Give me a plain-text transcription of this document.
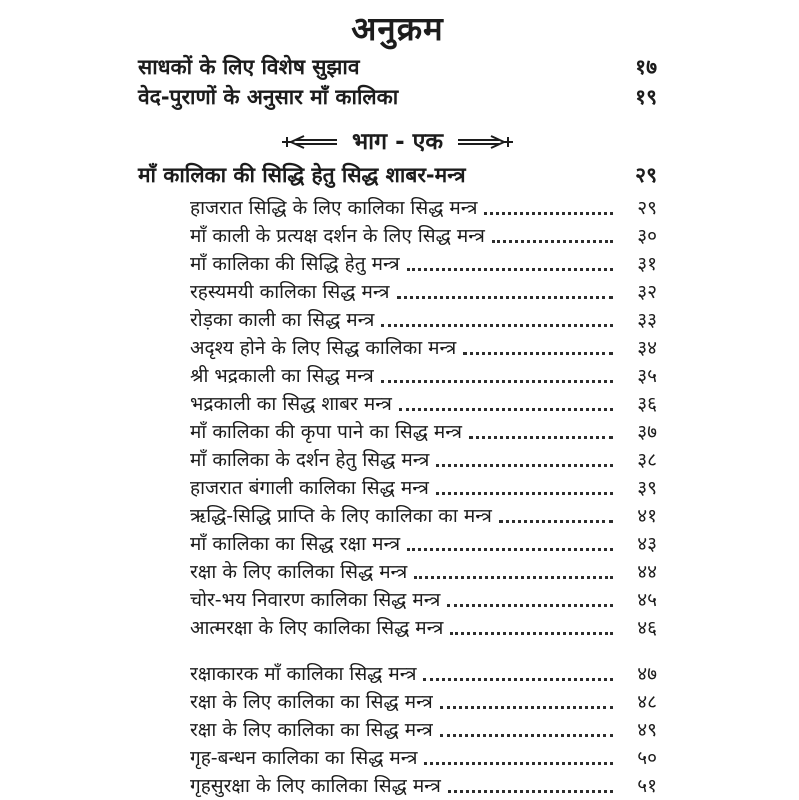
अनुक्रम
साधकों के लिए विशेष सुझाव	१७
वेद-पुराणों के अनुसार माँ कालिका	१९
भाग - एक
माँ कालिका की सिद्धि हेतु सिद्ध शाबर-मन्त्र	२९
हाजरात सिद्धि के लिए कालिका सिद्ध मन्त्र	२९
माँ काली के प्रत्यक्ष दर्शन के लिए सिद्ध मन्त्र	३०
माँ कालिका की सिद्धि हेतु मन्त्र	३१
रहस्यमयी कालिका सिद्ध मन्त्र	३२
रोड़का काली का सिद्ध मन्त्र	३३
अदृश्य होने के लिए सिद्ध कालिका मन्त्र	३४
श्री भद्रकाली का सिद्ध मन्त्र	३५
भद्रकाली का सिद्ध शाबर मन्त्र	३६
माँ कालिका की कृपा पाने का सिद्ध मन्त्र	३७
माँ कालिका के दर्शन हेतु सिद्ध मन्त्र	३८
हाजरात बंगाली कालिका सिद्ध मन्त्र	३९
ऋद्धि-सिद्धि प्राप्ति के लिए कालिका का मन्त्र	४१
माँ कालिका का सिद्ध रक्षा मन्त्र	४३
रक्षा के लिए कालिका सिद्ध मन्त्र	४४
चोर-भय निवारण कालिका सिद्ध मन्त्र	४५
आत्मरक्षा के लिए कालिका सिद्ध मन्त्र	४६
रक्षाकारक माँ कालिका सिद्ध मन्त्र	४७
रक्षा के लिए कालिका का सिद्ध मन्त्र	४८
रक्षा के लिए कालिका का सिद्ध मन्त्र	४९
गृह-बन्धन कालिका का सिद्ध मन्त्र	५०
गृहसुरक्षा के लिए कालिका सिद्ध मन्त्र	५१
